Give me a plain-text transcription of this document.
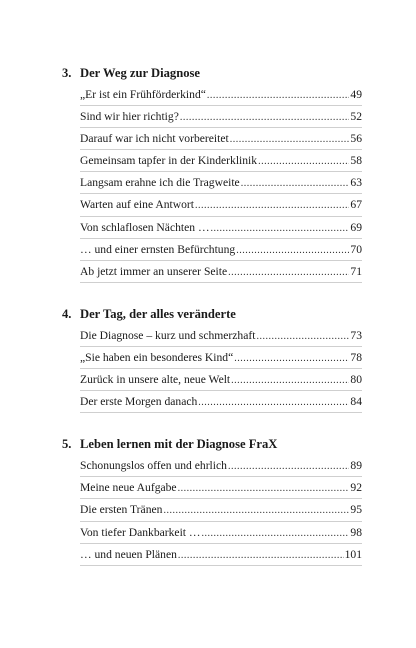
3. Der Weg zur Diagnose
„Er ist ein Frühförderkind“ .....	49
Sind wir hier richtig? .....	52
Darauf war ich nicht vorbereitet .....	56
Gemeinsam tapfer in der Kinderklinik .....	58
Langsam erahne ich die Tragweite .....	63
Warten auf eine Antwort .....	67
Von schlaflosen Nächten … .....	69
… und einer ernsten Befürchtung .....	70
Ab jetzt immer an unserer Seite .....	71
4. Der Tag, der alles veränderte
Die Diagnose – kurz und schmerzhaft .....	73
„Sie haben ein besonderes Kind“ .....	78
Zurück in unsere alte, neue Welt .....	80
Der erste Morgen danach .....	84
5. Leben lernen mit der Diagnose FraX
Schonungslos offen und ehrlich .....	89
Meine neue Aufgabe .....	92
Die ersten Tränen .....	95
Von tiefer Dankbarkeit … .....	98
… und neuen Plänen .....	101
